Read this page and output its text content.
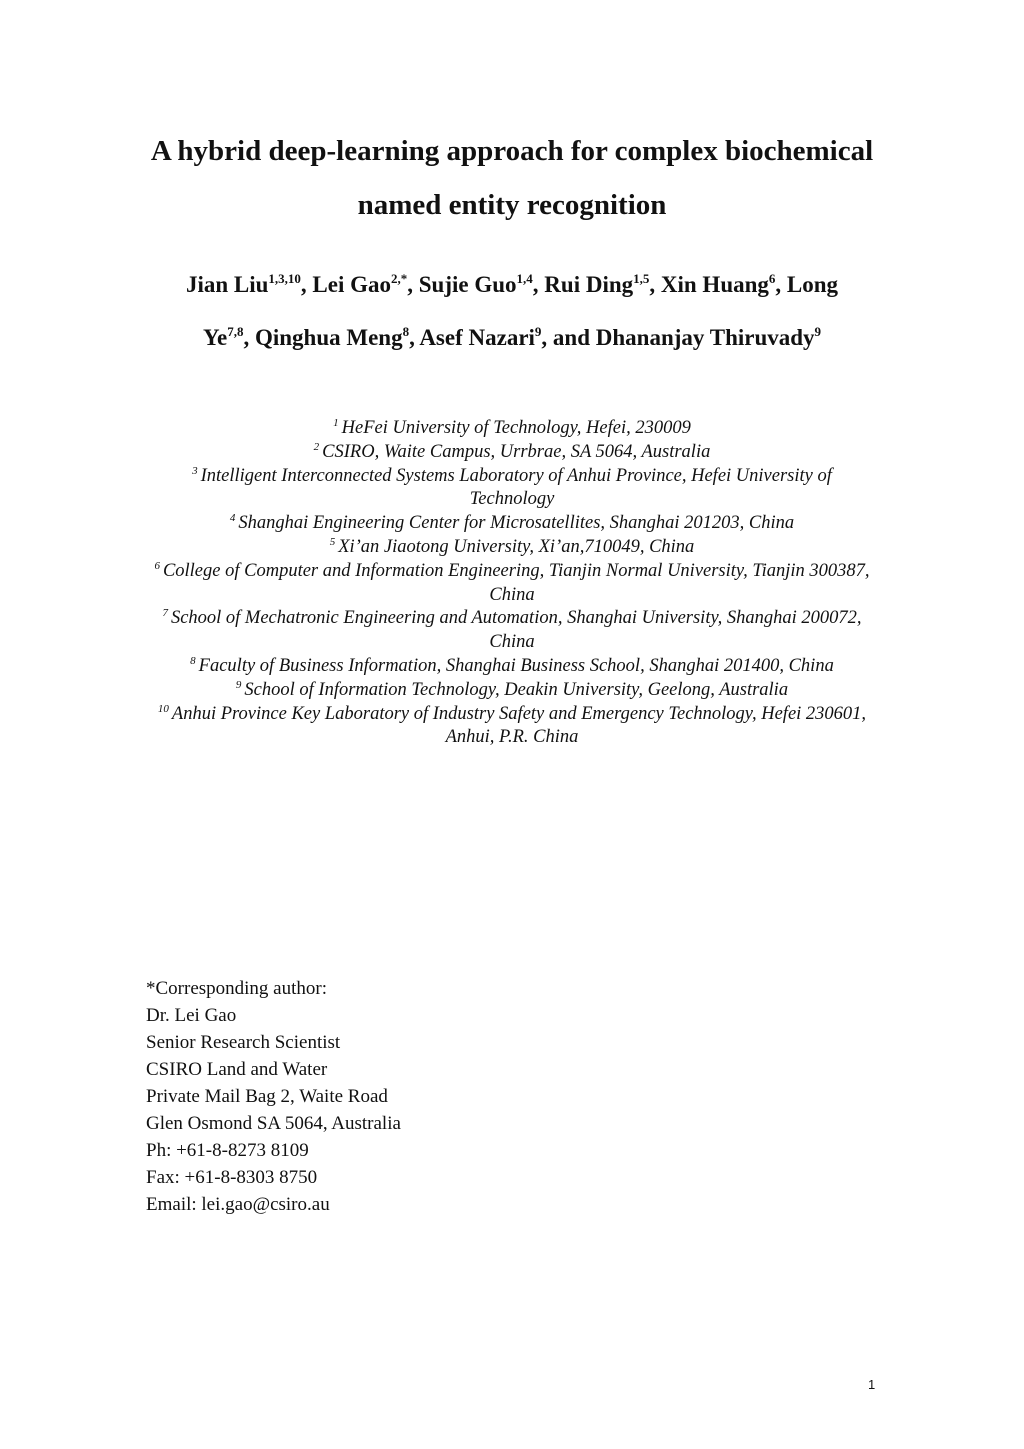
A hybrid deep-learning approach for complex biochemical
named entity recognition
Jian Liu$^{1,3,10}$, Lei Gao$^{2,*}$, Sujie Guo$^{1,4}$, Rui Ding$^{1,5}$, Xin Huang$^6$, Long
Ye$^{7,8}$, Qinghua Meng$^8$, Asef Nazari$^9$, and Dhananjay Thiruvady$^9$
$^1$ HeFei University of Technology, Hefei, 230009
$^2$ CSIRO, Waite Campus, Urrbrae, SA 5064, Australia
$^3$ Intelligent Interconnected Systems Laboratory of Anhui Province, Hefei University of Technology
$^4$ Shanghai Engineering Center for Microsatellites, Shanghai 201203, China
$^5$ Xi’an Jiaotong University, Xi’an,710049, China
$^6$ College of Computer and Information Engineering, Tianjin Normal University, Tianjin 300387, China
$^7$ School of Mechatronic Engineering and Automation, Shanghai University, Shanghai 200072, China
$^8$ Faculty of Business Information, Shanghai Business School, Shanghai 201400, China
$^9$ School of Information Technology, Deakin University, Geelong, Australia
$^{10}$ Anhui Province Key Laboratory of Industry Safety and Emergency Technology, Hefei 230601, Anhui, P.R. China
*Corresponding author:
Dr. Lei Gao
Senior Research Scientist
CSIRO Land and Water
Private Mail Bag 2, Waite Road
Glen Osmond SA 5064, Australia
Ph: +61-8-8273 8109
Fax: +61-8-8303 8750
Email: lei.gao@csiro.au
1
